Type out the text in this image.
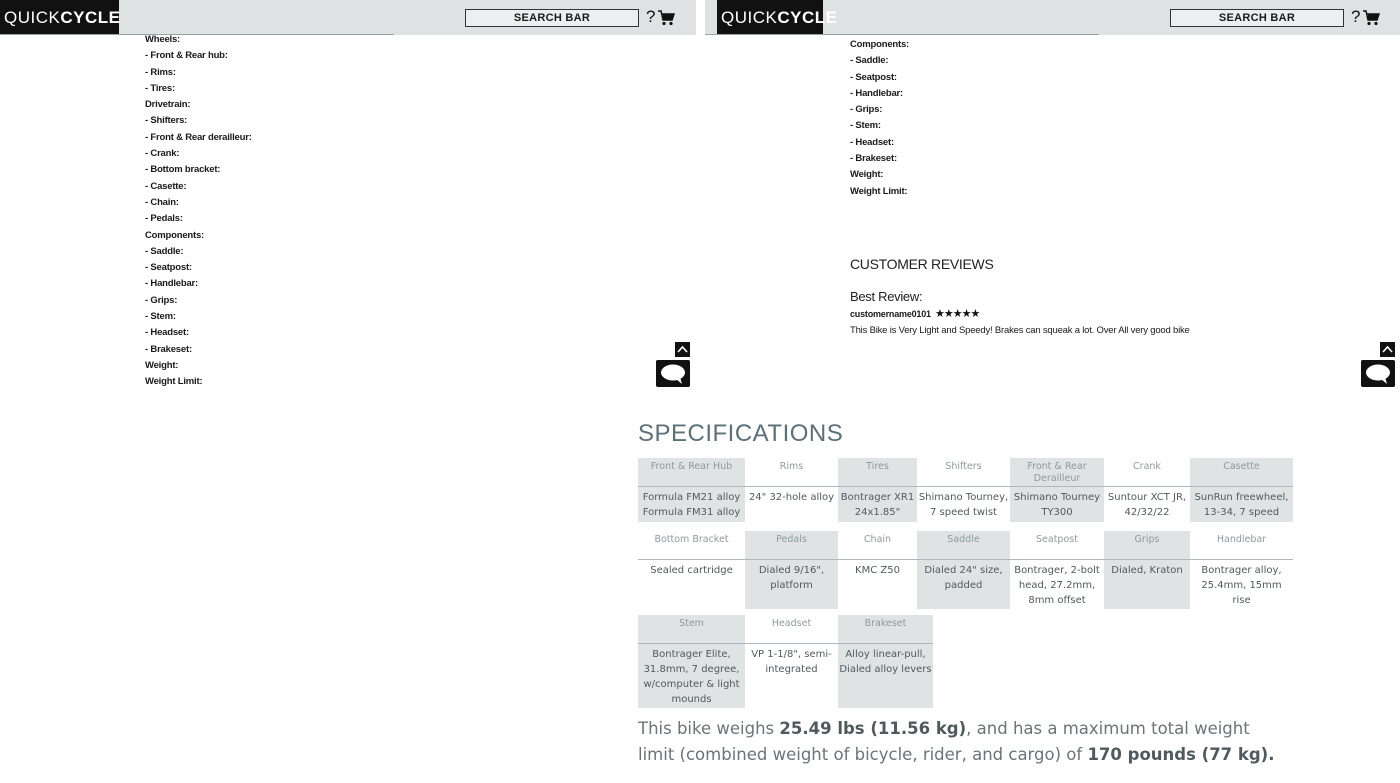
QUICKCYCLE	SEARCH BAR	?
Wheels:
- Front & Rear hub:
- Rims:
- Tires:
Drivetrain:
- Shifters:
- Front & Rear derailleur:
- Crank:
- Bottom bracket:
- Casette:
- Chain:
- Pedals:
Components:
- Saddle:
- Seatpost:
- Handlebar:
- Grips:
- Stem:
- Headset:
- Brakeset:
Weight:
Weight Limit:
QUICKCYCLE	SEARCH BAR	?
Components:
- Saddle:
- Seatpost:
- Handlebar:
- Grips:
- Stem:
- Headset:
- Brakeset:
Weight:
Weight Limit:
CUSTOMER REVIEWS
Best Review:
customername0101 ★★★★★
This Bike is Very Light and Speedy! Brakes can squeak a lot. Over All very good bike
SPECIFICATIONS
Front & Rear Hub	Rims	Tires	Shifters	Front & Rear Derailleur	Crank	Casette
Formula FM21 alloy Formula FM31 alloy	24" 32-hole alloy	Bontrager XR1 24x1.85"	Shimano Tourney, 7 speed twist	Shimano Tourney TY300	Suntour XCT JR, 42/32/22	SunRun freewheel, 13-34, 7 speed
Bottom Bracket	Pedals	Chain	Saddle	Seatpost	Grips	Handlebar
Sealed cartridge	Dialed 9/16", platform	KMC Z50	Dialed 24" size, padded	Bontrager, 2-bolt head, 27.2mm, 8mm offset	Dialed, Kraton	Bontrager alloy, 25.4mm, 15mm rise
Stem	Headset	Brakeset
Bontrager Elite, 31.8mm, 7 degree, w/computer & light mounds	VP 1-1/8", semi-integrated	Alloy linear-pull, Dialed alloy levers

This bike weighs 25.49 lbs (11.56 kg), and has a maximum total weight limit (combined weight of bicycle, rider, and cargo) of 170 pounds (77 kg).
